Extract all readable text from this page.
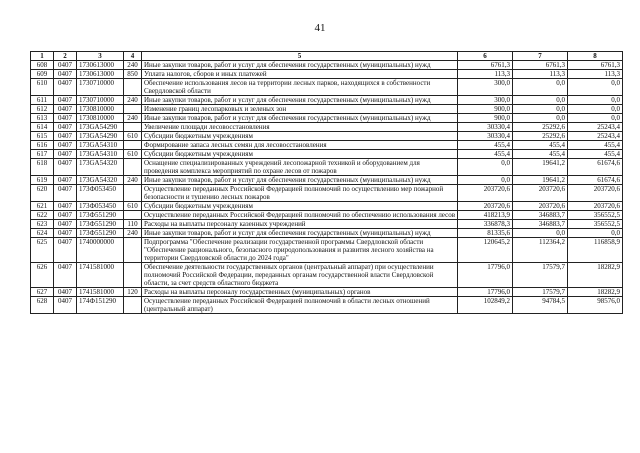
41
1	2	3	4	5	6	7	8
608	0407	1730613000	240	Иные закупки товаров, работ и услуг для обеспечения государственных (муниципальных) нужд	6761,3	6761,3	6761,3
609	0407	1730613000	850	Уплата налогов, сборов и иных платежей	113,3	113,3	113,3
610	0407	1730710000		Обеспечение использования лесов на территории лесных парков, находящихся в собственности Свердловской области	300,0	0,0	0,0
611	0407	1730710000	240	Иные закупки товаров, работ и услуг для обеспечения государственных (муниципальных) нужд	300,0	0,0	0,0
612	0407	1730810000		Изменение границ лесопарковых и зеленых зон	900,0	0,0	0,0
613	0407	1730810000	240	Иные закупки товаров, работ и услуг для обеспечения государственных (муниципальных) нужд	900,0	0,0	0,0
614	0407	173GA54290		Увеличение площади лесовосстановления	30330,4	25292,6	25243,4
615	0407	173GA54290	610	Субсидии бюджетным учреждениям	30330,4	25292,6	25243,4
616	0407	173GA54310		Формирование запаса лесных семян для лесовосстановления	455,4	455,4	455,4
617	0407	173GA54310	610	Субсидии бюджетным учреждениям	455,4	455,4	455,4
618	0407	173GA54320		Оснащение специализированных учреждений лесопожарной техникой и оборудованием для проведения комплекса мероприятий по охране лесов от пожаров	0,0	19641,2	61674,6
619	0407	173GA54320	240	Иные закупки товаров, работ и услуг для обеспечения государственных (муниципальных) нужд	0,0	19641,2	61674,6
620	0407	173Ф053450		Осуществление переданных Российской Федерацией полномочий по осуществлению мер пожарной безопасности и тушению лесных пожаров	203720,6	203720,6	203720,6
621	0407	173Ф053450	610	Субсидии бюджетным учреждениям	203720,6	203720,6	203720,6
622	0407	173Ф551290		Осуществление переданных Российской Федерацией полномочий по обеспечению использования лесов	418213,9	346883,7	356552,5
623	0407	173Ф551290	110	Расходы на выплаты персоналу казенных учреждений	336878,3	346883,7	356552,5
624	0407	173Ф551290	240	Иные закупки товаров, работ и услуг для обеспечения государственных (муниципальных) нужд	81335,6	0,0	0,0
625	0407	1740000000		Подпрограмма "Обеспечение реализации государственной программы Свердловской области "Обеспечение рационального, безопасного природопользования и развития лесного хозяйства на территории Свердловской области до 2024 года"	120645,2	112364,2	116858,9
626	0407	1741581000		Обеспечение деятельности государственных органов (центральный аппарат) при осуществлении полномочий Российской Федерации, переданных органам государственной власти Свердловской области, за счет средств областного бюджета	17796,0	17579,7	18282,9
627	0407	1741581000	120	Расходы на выплаты персоналу государственных (муниципальных) органов	17796,0	17579,7	18282,9
628	0407	174Ф151290		Осуществление переданных Российской Федерацией полномочий в области лесных отношений (центральный аппарат)	102849,2	94784,5	98576,0
